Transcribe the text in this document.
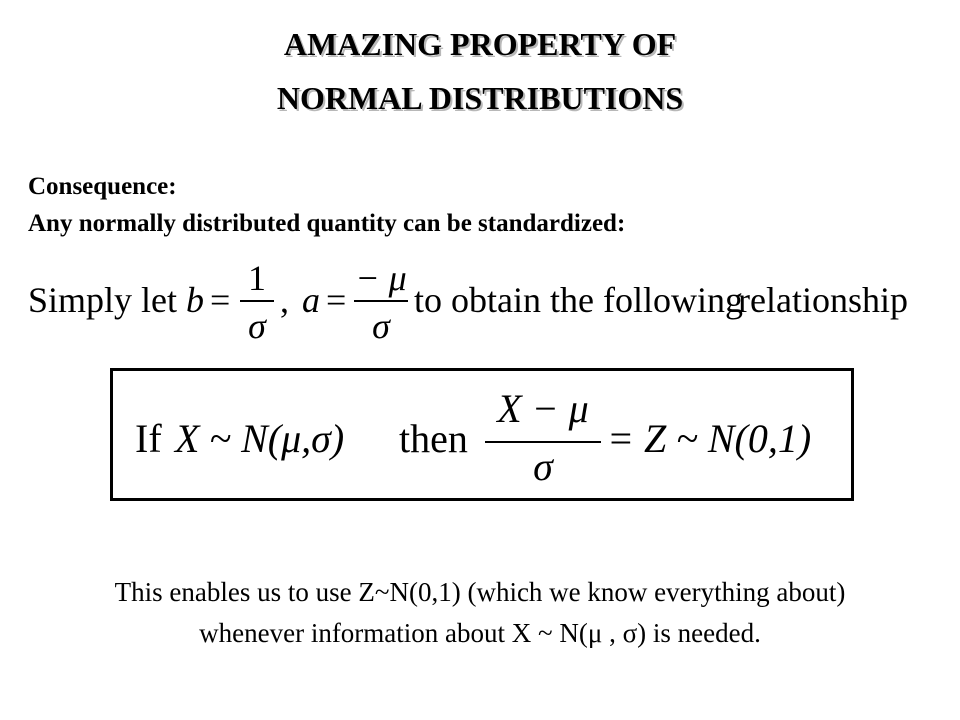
AMAZING PROPERTY OF
NORMAL DISTRIBUTIONS
Consequence:
Any normally distributed quantity can be standardized:
Simply let b =
1
σ
, a =
− μ
σ
to obtain the following
relationship
If X ~ N(μ,σ) then
X − μ
σ
= Z ~ N(0,1)
This enables us to use Z~N(0,1) (which we know everything about)
whenever information about X ~ N(μ , σ) is needed.
